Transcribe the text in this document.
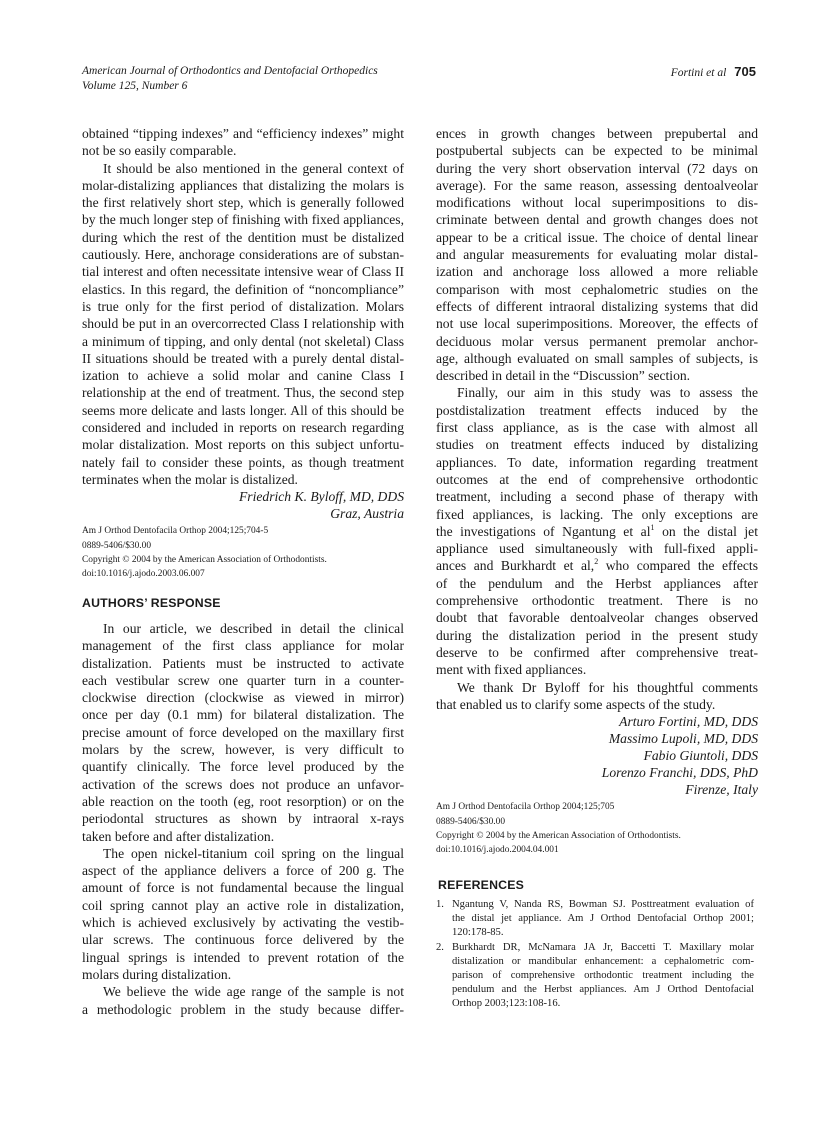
American Journal of Orthodontics and Dentofacial Orthopedics
Volume 125, Number 6
Fortini et al 705
obtained “tipping indexes” and “efficiency indexes” might
not be so easily comparable.
It should be also mentioned in the general context of
molar-distalizing appliances that distalizing the molars is
the first relatively short step, which is generally followed
by the much longer step of finishing with fixed appliances,
during which the rest of the dentition must be distalized
cautiously. Here, anchorage considerations are of substan-
tial interest and often necessitate intensive wear of Class II
elastics. In this regard, the definition of “noncompliance”
is true only for the first period of distalization. Molars
should be put in an overcorrected Class I relationship with
a minimum of tipping, and only dental (not skeletal) Class
II situations should be treated with a purely dental distal-
ization to achieve a solid molar and canine Class I
relationship at the end of treatment. Thus, the second step
seems more delicate and lasts longer. All of this should be
considered and included in reports on research regarding
molar distalization. Most reports on this subject unfortu-
nately fail to consider these points, as though treatment
terminates when the molar is distalized.
Friedrich K. Byloff, MD, DDS
Graz, Austria
Am J Orthod Dentofacila Orthop 2004;125;704-5
0889-5406/$30.00
Copyright © 2004 by the American Association of Orthodontists.
doi:10.1016/j.ajodo.2003.06.007
AUTHORS’ RESPONSE
In our article, we described in detail the clinical
management of the first class appliance for molar
distalization. Patients must be instructed to activate
each vestibular screw one quarter turn in a counter-
clockwise direction (clockwise as viewed in mirror)
once per day (0.1 mm) for bilateral distalization. The
precise amount of force developed on the maxillary first
molars by the screw, however, is very difficult to
quantify clinically. The force level produced by the
activation of the screws does not produce an unfavor-
able reaction on the tooth (eg, root resorption) or on the
periodontal structures as shown by intraoral x-rays
taken before and after distalization.
The open nickel-titanium coil spring on the lingual
aspect of the appliance delivers a force of 200 g. The
amount of force is not fundamental because the lingual
coil spring cannot play an active role in distalization,
which is achieved exclusively by activating the vestib-
ular screws. The continuous force delivered by the
lingual springs is intended to prevent rotation of the
molars during distalization.
We believe the wide age range of the sample is not
a methodologic problem in the study because differ-
ences in growth changes between prepubertal and
postpubertal subjects can be expected to be minimal
during the very short observation interval (72 days on
average). For the same reason, assessing dentoalveolar
modifications without local superimpositions to dis-
criminate between dental and growth changes does not
appear to be a critical issue. The choice of dental linear
and angular measurements for evaluating molar distal-
ization and anchorage loss allowed a more reliable
comparison with most cephalometric studies on the
effects of different intraoral distalizing systems that did
not use local superimpositions. Moreover, the effects of
deciduous molar versus permanent premolar anchor-
age, although evaluated on small samples of subjects, is
described in detail in the “Discussion” section.
Finally, our aim in this study was to assess the
postdistalization treatment effects induced by the
first class appliance, as is the case with almost all
studies on treatment effects induced by distalizing
appliances. To date, information regarding treatment
outcomes at the end of comprehensive orthodontic
treatment, including a second phase of therapy with
fixed appliances, is lacking. The only exceptions are
the investigations of Ngantung et $al^1$ on the distal jet
appliance used simultaneously with full-fixed appli-
ances and Burkhardt et al,$^2$ who compared the effects
of the pendulum and the Herbst appliances after
comprehensive orthodontic treatment. There is no
doubt that favorable dentoalveolar changes observed
during the distalization period in the present study
deserve to be confirmed after comprehensive treat-
ment with fixed appliances.
We thank Dr Byloff for his thoughtful comments
that enabled us to clarify some aspects of the study.
Arturo Fortini, MD, DDS
Massimo Lupoli, MD, DDS
Fabio Giuntoli, DDS
Lorenzo Franchi, DDS, PhD
Firenze, Italy
Am J Orthod Dentofacila Orthop 2004;125;705
0889-5406/$30.00
Copyright © 2004 by the American Association of Orthodontists.
doi:10.1016/j.ajodo.2004.04.001
REFERENCES
1. Ngantung V, Nanda RS, Bowman SJ. Posttreatment evaluation of
the distal jet appliance. Am J Orthod Dentofacial Orthop 2001;
120:178-85.
2. Burkhardt DR, McNamara JA Jr, Baccetti T. Maxillary molar
distalization or mandibular enhancement: a cephalometric com-
parison of comprehensive orthodontic treatment including the
pendulum and the Herbst appliances. Am J Orthod Dentofacial
Orthop 2003;123:108-16.
